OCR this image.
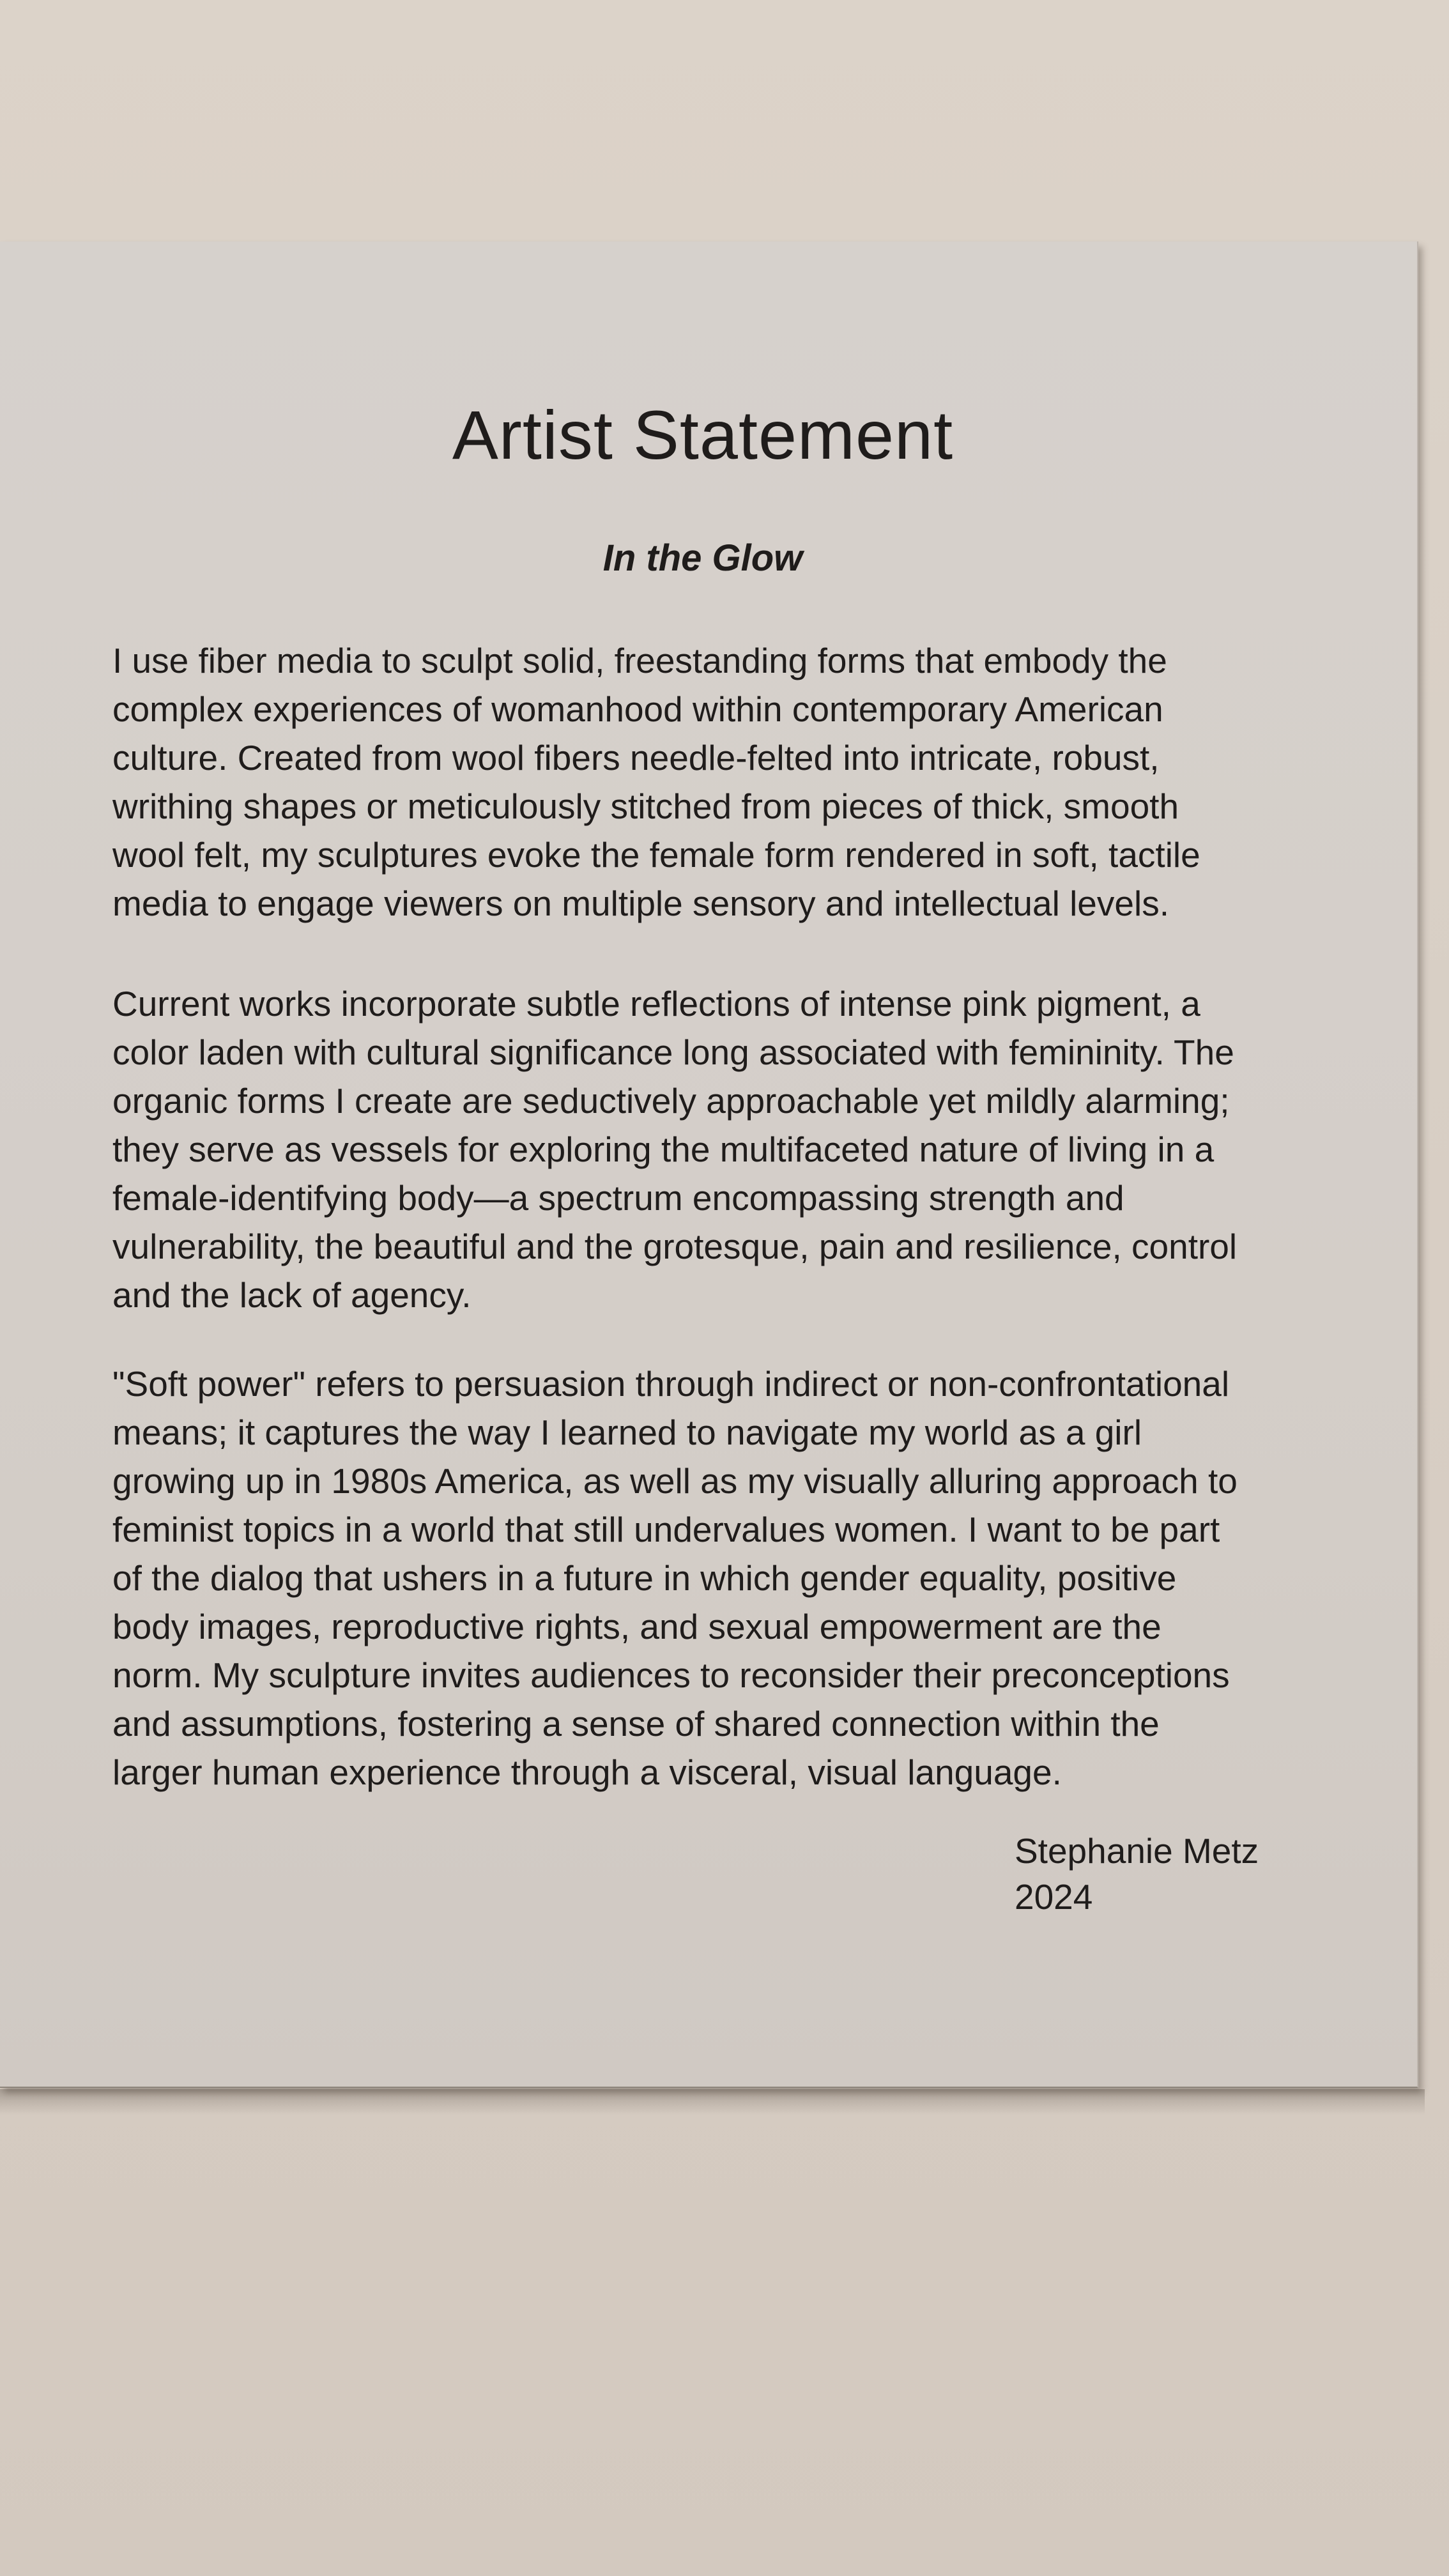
Artist Statement
In the Glow
I use fiber media to sculpt solid, freestanding forms that embody the
complex experiences of womanhood within contemporary American
culture. Created from wool fibers needle-felted into intricate, robust,
writhing shapes or meticulously stitched from pieces of thick, smooth
wool felt, my sculptures evoke the female form rendered in soft, tactile
media to engage viewers on multiple sensory and intellectual levels.
Current works incorporate subtle reflections of intense pink pigment, a
color laden with cultural significance long associated with femininity. The
organic forms I create are seductively approachable yet mildly alarming;
they serve as vessels for exploring the multifaceted nature of living in a
female-identifying body—a spectrum encompassing strength and
vulnerability, the beautiful and the grotesque, pain and resilience, control
and the lack of agency.
"Soft power" refers to persuasion through indirect or non-confrontational
means; it captures the way I learned to navigate my world as a girl
growing up in 1980s America, as well as my visually alluring approach to
feminist topics in a world that still undervalues women. I want to be part
of the dialog that ushers in a future in which gender equality, positive
body images, reproductive rights, and sexual empowerment are the
norm. My sculpture invites audiences to reconsider their preconceptions
and assumptions, fostering a sense of shared connection within the
larger human experience through a visceral, visual language.
Stephanie Metz
2024
